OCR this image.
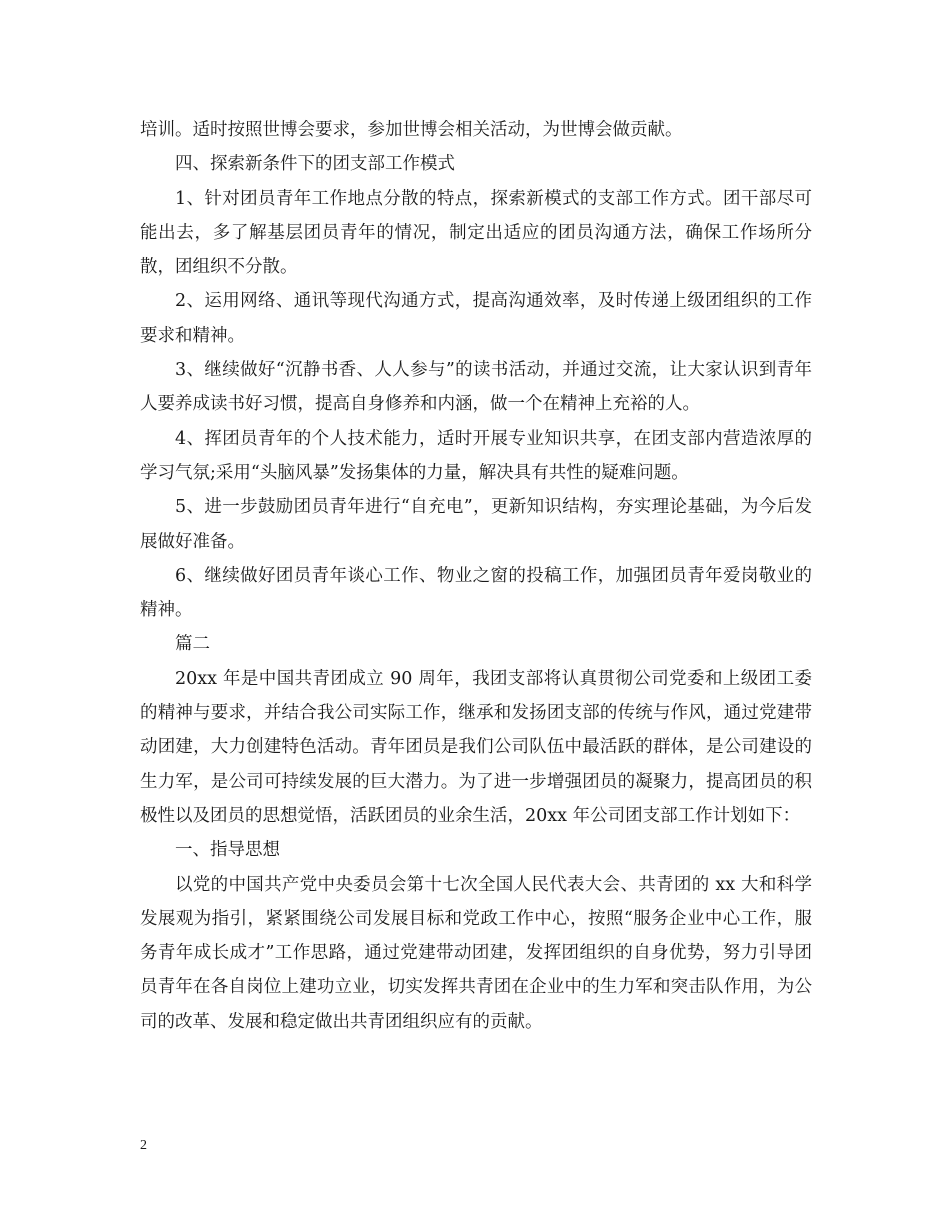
培训。适时按照世博会要求，参加世博会相关活动，为世博会做贡献。

四、探索新条件下的团支部工作模式

1、针对团员青年工作地点分散的特点，探索新模式的支部工作方式。团干部尽可能出去，多了解基层团员青年的情况，制定出适应的团员沟通方法，确保工作场所分散，团组织不分散。

2、运用网络、通讯等现代沟通方式，提高沟通效率，及时传递上级团组织的工作要求和精神。

3、继续做好“沉静书香、人人参与”的读书活动，并通过交流，让大家认识到青年人要养成读书好习惯，提高自身修养和内涵，做一个在精神上充裕的人。

4、挥团员青年的个人技术能力，适时开展专业知识共享，在团支部内营造浓厚的学习气氛;采用“头脑风暴”发扬集体的力量，解决具有共性的疑难问题。

5、进一步鼓励团员青年进行“自充电”，更新知识结构，夯实理论基础，为今后发展做好准备。

6、继续做好团员青年谈心工作、物业之窗的投稿工作，加强团员青年爱岗敬业的精神。

篇二

20xx 年是中国共青团成立 90 周年，我团支部将认真贯彻公司党委和上级团工委的精神与要求，并结合我公司实际工作，继承和发扬团支部的传统与作风，通过党建带动团建，大力创建特色活动。青年团员是我们公司队伍中最活跃的群体，是公司建设的生力军，是公司可持续发展的巨大潜力。为了进一步增强团员的凝聚力，提高团员的积极性以及团员的思想觉悟，活跃团员的业余生活，20xx 年公司团支部工作计划如下：

一、指导思想

以党的中国共产党中央委员会第十七次全国人民代表大会、共青团的 xx 大和科学发展观为指引，紧紧围绕公司发展目标和党政工作中心，按照“服务企业中心工作，服务青年成长成才”工作思路，通过党建带动团建，发挥团组织的自身优势，努力引导团员青年在各自岗位上建功立业，切实发挥共青团在企业中的生力军和突击队作用，为公司的改革、发展和稳定做出共青团组织应有的贡献。

2
